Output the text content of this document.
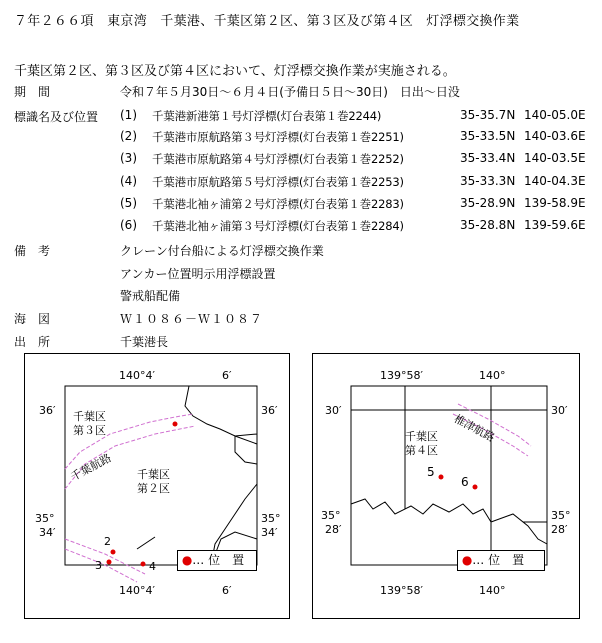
７年２６６項　東京湾　千葉港、千葉区第２区、第３区及び第４区　灯浮標交換作業
千葉区第２区、第３区及び第４区において、灯浮標交換作業が実施される。
期　間	令和７年５月30日～６月４日(予備日５日～30日)　日出～日没
標識名及び位置	(1)	千葉港新港第１号灯浮標(灯台表第１巻2244)	35-35.7N 140-05.0E
(2)	千葉港市原航路第３号灯浮標(灯台表第１巻2251)	35-33.5N 140-03.6E
(3)	千葉港市原航路第４号灯浮標(灯台表第１巻2252)	35-33.4N 140-03.5E
(4)	千葉港市原航路第５号灯浮標(灯台表第１巻2253)	35-33.3N 140-04.3E
(5)	千葉港北袖ヶ浦第２号灯浮標(灯台表第１巻2283)	35-28.9N 139-58.9E
(6)	千葉港北袖ヶ浦第３号灯浮標(灯台表第１巻2284)	35-28.8N 139-59.6E
備　考	クレーン付台船による灯浮標交換作業
アンカー位置明示用浮標設置
警戒船配備
海　図	Ｗ１０８６－Ｗ１０８７
出　所	千葉港長
2
3	4
千葉区
第３区
千葉区
第２区
千葉航路
140°4′	6′
140°4′	6′
36′	36′
35°
34′
35°
34′
●… 位　置
椎津航路
5
6
千葉区
第４区
139°58′	140°
139°58′	140°
30′	30′
35°
28′
35°
28′
●… 位　置
